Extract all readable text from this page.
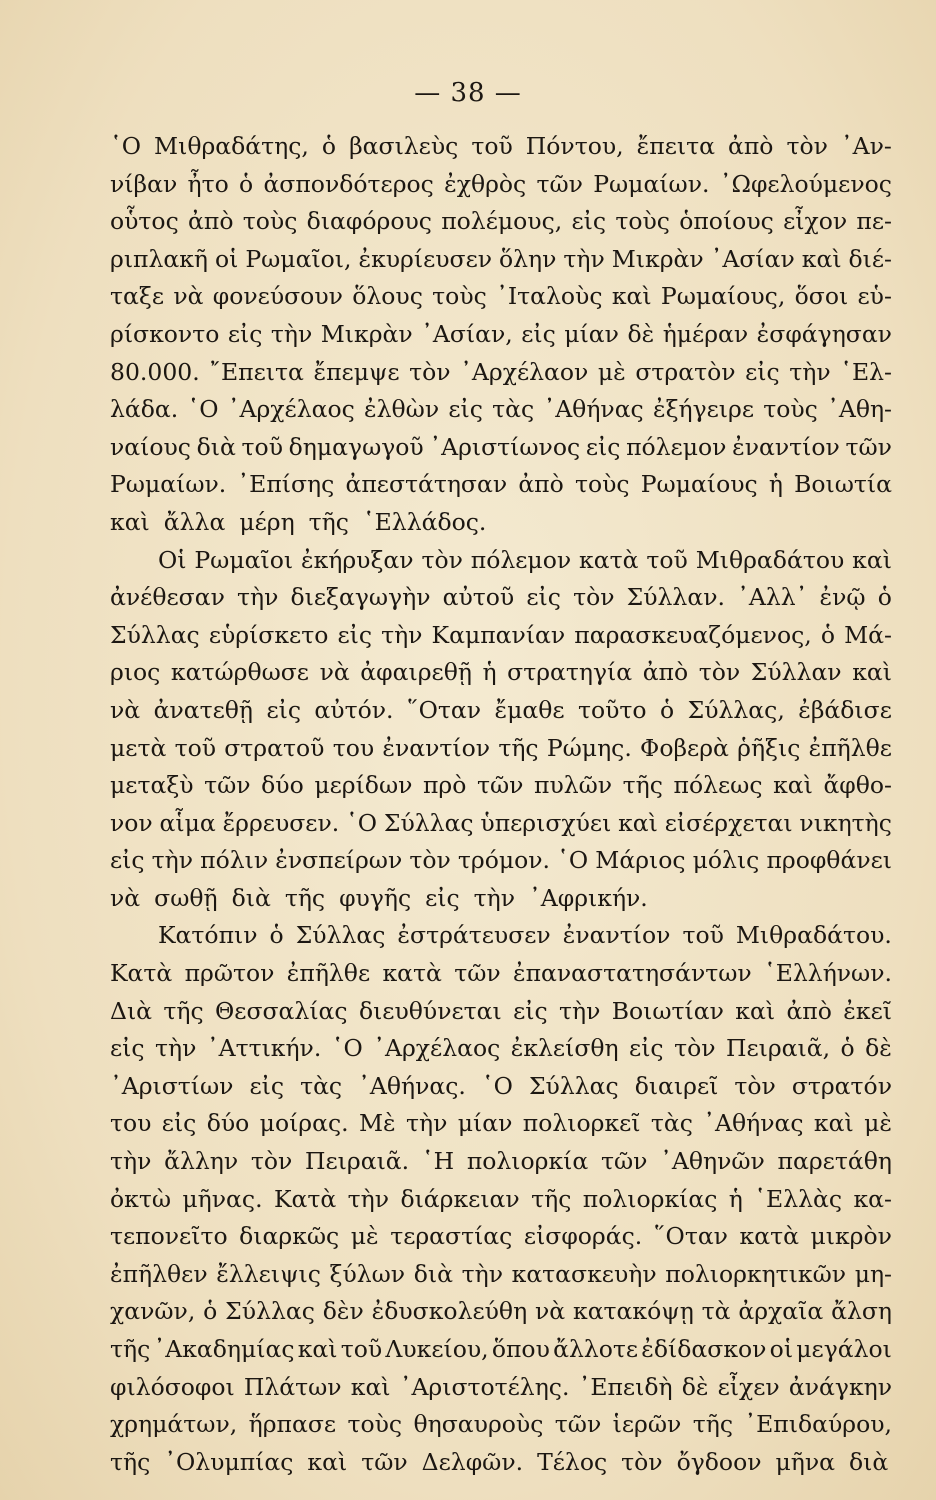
— 38 —
῾Ο Μιθραδάτης, ὁ βασιλεὺς τοῦ Πόντου, ἔπειτα ἀπὸ τὸν ᾿Αν-
νίβαν ἦτο ὁ ἀσπονδότερος ἐχθρὸς τῶν Ρωμαίων. ᾿Ωφελούμενος
οὗτος ἀπὸ τοὺς διαφόρους πολέμους, εἰς τοὺς ὁποίους εἶχον πε-
ριπλακῆ οἱ Ρωμαῖοι, ἐκυρίευσεν ὅλην τὴν Μικρὰν ᾿Ασίαν καὶ διέ-
ταξε νὰ φονεύσουν ὅλους τοὺς ᾿Ιταλοὺς καὶ Ρωμαίους, ὅσοι εὑ-
ρίσκοντο εἰς τὴν Μικρὰν ᾿Ασίαν, εἰς μίαν δὲ ἡμέραν ἐσφάγησαν
80.000. ῎Επειτα ἔπεμψε τὸν ᾿Αρχέλαον μὲ στρατὸν εἰς τὴν ῾Ελ-
λάδα. ῾Ο ᾿Αρχέλαος ἐλθὼν εἰς τὰς ᾿Αθήνας ἐξήγειρε τοὺς ᾿Αθη-
ναίους διὰ τοῦ δημαγωγοῦ ᾿Αριστίωνος εἰς πόλεμον ἐναντίον τῶν
Ρωμαίων. ᾿Επίσης ἀπεστάτησαν ἀπὸ τοὺς Ρωμαίους ἡ Βοιωτία
καὶ ἄλλα μέρη τῆς ῾Ελλάδος.
Οἱ Ρωμαῖοι ἐκήρυξαν τὸν πόλεμον κατὰ τοῦ Μιθραδάτου καὶ
ἀνέθεσαν τὴν διεξαγωγὴν αὐτοῦ εἰς τὸν Σύλλαν. ᾿Αλλ᾿ ἐνῷ ὁ
Σύλλας εὑρίσκετο εἰς τὴν Καμπανίαν παρασκευαζόμενος, ὁ Μά-
ριος κατώρθωσε νὰ ἀφαιρεθῇ ἡ στρατηγία ἀπὸ τὸν Σύλλαν καὶ
νὰ ἀνατεθῇ εἰς αὐτόν. ῞Οταν ἔμαθε τοῦτο ὁ Σύλλας, ἐβάδισε
μετὰ τοῦ στρατοῦ του ἐναντίον τῆς Ρώμης. Φοβερὰ ῥῆξις ἐπῆλθε
μεταξὺ τῶν δύο μερίδων πρὸ τῶν πυλῶν τῆς πόλεως καὶ ἄφθο-
νον αἷμα ἔρρευσεν. ῾Ο Σύλλας ὑπερισχύει καὶ εἰσέρχεται νικητὴς
εἰς τὴν πόλιν ἐνσπείρων τὸν τρόμον. ῾Ο Μάριος μόλις προφθάνει
νὰ σωθῇ διὰ τῆς φυγῆς εἰς τὴν ᾿Αφρικήν.
Κατόπιν ὁ Σύλλας ἐστράτευσεν ἐναντίον τοῦ Μιθραδάτου.
Κατὰ πρῶτον ἐπῆλθε κατὰ τῶν ἐπαναστατησάντων ῾Ελλήνων.
Διὰ τῆς Θεσσαλίας διευθύνεται εἰς τὴν Βοιωτίαν καὶ ἀπὸ ἐκεῖ
εἰς τὴν ᾿Αττικήν. ῾Ο ᾿Αρχέλαος ἐκλείσθη εἰς τὸν Πειραιᾶ, ὁ δὲ
᾿Αριστίων εἰς τὰς ᾿Αθήνας. ῾Ο Σύλλας διαιρεῖ τὸν στρατόν
του εἰς δύο μοίρας. Μὲ τὴν μίαν πολιορκεῖ τὰς ᾿Αθήνας καὶ μὲ
τὴν ἄλλην τὸν Πειραιᾶ. ῾Η πολιορκία τῶν ᾿Αθηνῶν παρετάθη
ὀκτὼ μῆνας. Κατὰ τὴν διάρκειαν τῆς πολιορκίας ἡ ῾Ελλὰς κα-
τεπονεῖτο διαρκῶς μὲ τεραστίας εἰσφοράς. ῞Οταν κατὰ μικρὸν
ἐπῆλθεν ἔλλειψις ξύλων διὰ τὴν κατασκευὴν πολιορκητικῶν μη-
χανῶν, ὁ Σύλλας δὲν ἐδυσκολεύθη νὰ κατακόψῃ τὰ ἀρχαῖα ἄλση
τῆς ᾿Ακαδημίας καὶ τοῦ Λυκείου, ὅπου ἄλλοτε ἐδίδασκον οἱ μεγάλοι
φιλόσοφοι Πλάτων καὶ ᾿Αριστοτέλης. ᾿Επειδὴ δὲ εἶχεν ἀνάγκην
χρημάτων, ἥρπασε τοὺς θησαυροὺς τῶν ἱερῶν τῆς ᾿Επιδαύρου,
τῆς ᾿Ολυμπίας καὶ τῶν Δελφῶν. Τέλος τὸν ὄγδοον μῆνα διὰ
